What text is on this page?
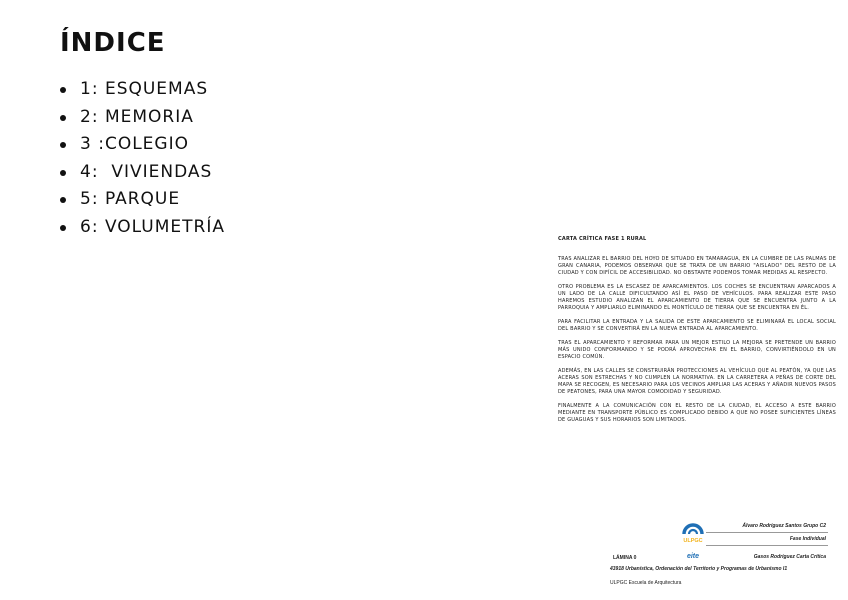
ÍNDICE
1: ESQUEMAS
2: MEMORIA
3 :COLEGIO
4:  VIVIENDAS
5: PARQUE
6: VOLUMETRÍA
CARTA CRÍTICA FASE 1 RURAL

TRAS ANALIZAR EL BARRIO DEL HOYO DE SITUADO EN TAMARAGUA, EN LA CUMBRE DE LAS PALMAS DE GRAN CANARIA, PODEMOS OBSERVAR QUE SE TRATA DE UN BARRIO "AISLADO" DEL RESTO DE LA CIUDAD Y CON DIFÍCIL DE ACCESIBILIDAD. NO OBSTANTE PODEMOS TOMAR MEDIDAS AL RESPECTO.

OTRO PROBLEMA ES LA ESCASEZ DE APARCAMIENTOS. LOS COCHES SE ENCUENTRAN APARCADOS A UN LADO DE LA CALLE DIFICULTANDO ASÍ EL PASO DE VEHÍCULOS. PARA REALIZAR ESTE PASO HAREMOS ESTUDIO ANALIZAN EL APARCAMIENTO DE TIERRA QUE SE ENCUENTRA JUNTO A LA PARROQUIA Y AMPLIARLO ELIMINANDO EL MONTÍCULO DE TIERRA QUE SE ENCUENTRA EN ÉL.

PARA FACILITAR LA ENTRADA Y LA SALIDA DE ESTE APARCAMIENTO SE ELIMINARÁ EL LOCAL SOCIAL DEL BARRIO Y SE CONVERTIRÁ EN LA NUEVA ENTRADA AL APARCAMIENTO.

TRAS EL APARCAMIENTO Y REFORMAR PARA UN MEJOR ESTILO LA MEJORA SE PRETENDE UN BARRIO MÁS UNIDO CONFORMANDO Y SE PODRÁ APROVECHAR EN EL BARRIO, CONVIRTIÉNDOLO EN UN ESPACIO COMÚN.

ADEMÁS, EN LAS CALLES SE CONSTRUIRÁN PROTECCIONES AL VEHÍCULO QUE AL PEATÓN, YA QUE LAS ACERAS SON ESTRECHAS Y NO CUMPLEN LA NORMATIVA. EN LA CARRETERA A PEÑAS DE CORTE DEL MAPA SE RECOGEN, ES NECESARIO PARA LOS VECINOS AMPLIAR LAS ACERAS Y AÑADIR NUEVOS PASOS DE PEATONES, PARA UNA MAYOR COMODIDAD Y SEGURIDAD.

FINALMENTE A LA COMUNICACIÓN CON EL RESTO DE LA CIUDAD, EL ACCESO A ESTE BARRIO MEDIANTE EN TRANSPORTE PÚBLICO ES COMPLICADO DEBIDO A QUE NO POSEE SUFICIENTES LÍNEAS DE GUAGUAS Y SUS HORARIOS SON LIMITADOS.

ULPGC
eite
Álvaro Rodríguez Santos Grupo C2
Fase Individual
Gasos Rodríguez Carta Crítica
LÁMINA 0
43918 Urbanística, Ordenación del Territorio y Programas de Urbanismo I1
ULPGC Escuela de Arquitectura
